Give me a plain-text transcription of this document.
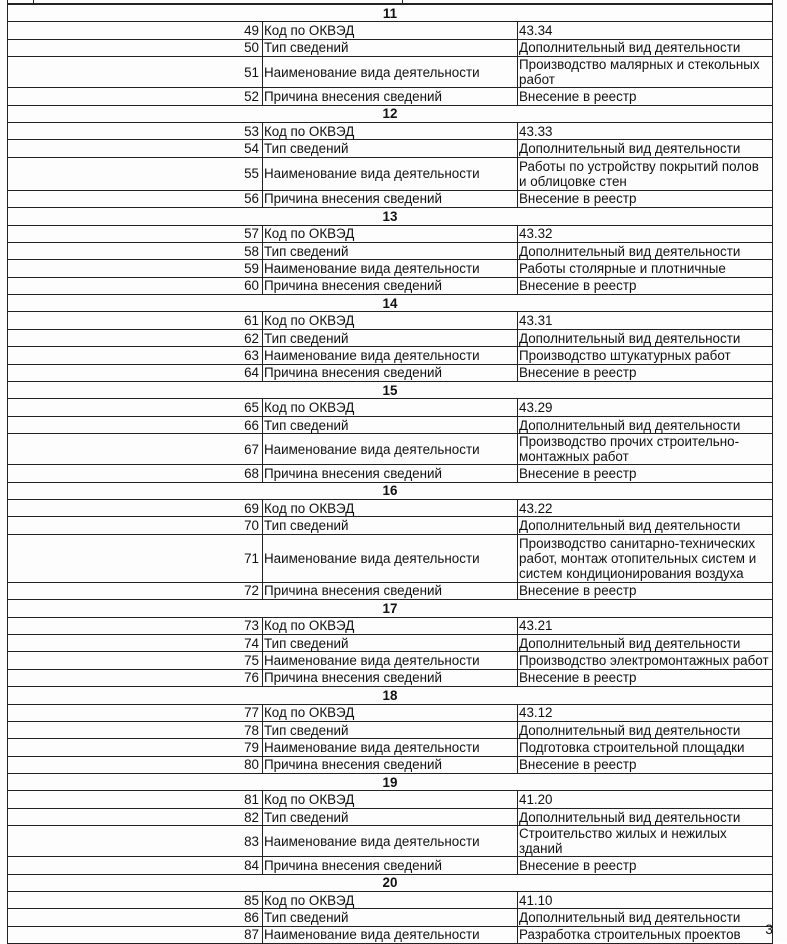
11		
49	Код по ОКВЭД	43.34
50	Тип сведений	Дополнительный вид деятельности
51	Наименование вида деятельности	Производство малярных и стекольных работ
52	Причина внесения сведений	Внесение в реестр
12		
53	Код по ОКВЭД	43.33
54	Тип сведений	Дополнительный вид деятельности
55	Наименование вида деятельности	Работы по устройству покрытий полов и облицовке стен
56	Причина внесения сведений	Внесение в реестр
13		
57	Код по ОКВЭД	43.32
58	Тип сведений	Дополнительный вид деятельности
59	Наименование вида деятельности	Работы столярные и плотничные
60	Причина внесения сведений	Внесение в реестр
14		
61	Код по ОКВЭД	43.31
62	Тип сведений	Дополнительный вид деятельности
63	Наименование вида деятельности	Производство штукатурных работ
64	Причина внесения сведений	Внесение в реестр
15		
65	Код по ОКВЭД	43.29
66	Тип сведений	Дополнительный вид деятельности
67	Наименование вида деятельности	Производство прочих строительно-монтажных работ
68	Причина внесения сведений	Внесение в реестр
16		
69	Код по ОКВЭД	43.22
70	Тип сведений	Дополнительный вид деятельности
71	Наименование вида деятельности	Производство санитарно-технических работ, монтаж отопительных систем и систем кондиционирования воздуха
72	Причина внесения сведений	Внесение в реестр
17		
73	Код по ОКВЭД	43.21
74	Тип сведений	Дополнительный вид деятельности
75	Наименование вида деятельности	Производство электромонтажных работ
76	Причина внесения сведений	Внесение в реестр
18		
77	Код по ОКВЭД	43.12
78	Тип сведений	Дополнительный вид деятельности
79	Наименование вида деятельности	Подготовка строительной площадки
80	Причина внесения сведений	Внесение в реестр
19		
81	Код по ОКВЭД	41.20
82	Тип сведений	Дополнительный вид деятельности
83	Наименование вида деятельности	Строительство жилых и нежилых зданий
84	Причина внесения сведений	Внесение в реестр
20		
85	Код по ОКВЭД	41.10
86	Тип сведений	Дополнительный вид деятельности
87	Наименование вида деятельности	Разработка строительных проектов 3
